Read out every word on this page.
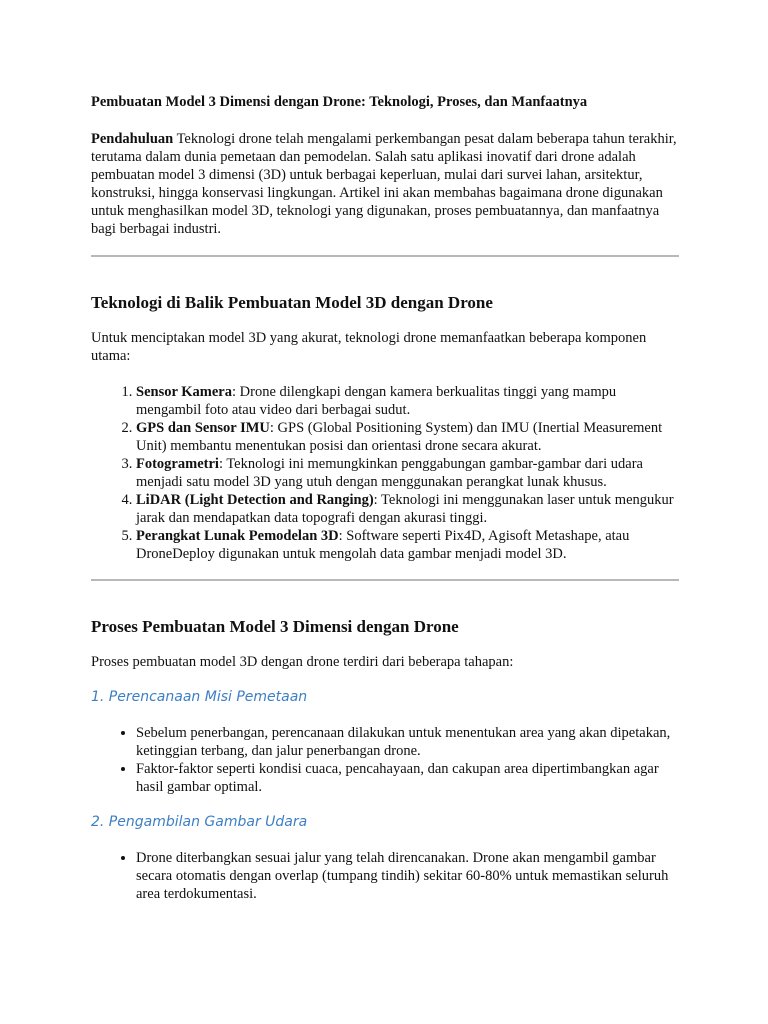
Pembuatan Model 3 Dimensi dengan Drone: Teknologi, Proses, dan Manfaatnya

Pendahuluan Teknologi drone telah mengalami perkembangan pesat dalam beberapa tahun terakhir, terutama dalam dunia pemetaan dan pemodelan. Salah satu aplikasi inovatif dari drone adalah pembuatan model 3 dimensi (3D) untuk berbagai keperluan, mulai dari survei lahan, arsitektur, konstruksi, hingga konservasi lingkungan. Artikel ini akan membahas bagaimana drone digunakan untuk menghasilkan model 3D, teknologi yang digunakan, proses pembuatannya, dan manfaatnya bagi berbagai industri.

Teknologi di Balik Pembuatan Model 3D dengan Drone

Untuk menciptakan model 3D yang akurat, teknologi drone memanfaatkan beberapa komponen utama:

1. Sensor Kamera: Drone dilengkapi dengan kamera berkualitas tinggi yang mampu mengambil foto atau video dari berbagai sudut.
2. GPS dan Sensor IMU: GPS (Global Positioning System) dan IMU (Inertial Measurement Unit) membantu menentukan posisi dan orientasi drone secara akurat.
3. Fotogrametri: Teknologi ini memungkinkan penggabungan gambar-gambar dari udara menjadi satu model 3D yang utuh dengan menggunakan perangkat lunak khusus.
4. LiDAR (Light Detection and Ranging): Teknologi ini menggunakan laser untuk mengukur jarak dan mendapatkan data topografi dengan akurasi tinggi.
5. Perangkat Lunak Pemodelan 3D: Software seperti Pix4D, Agisoft Metashape, atau DroneDeploy digunakan untuk mengolah data gambar menjadi model 3D.
Proses Pembuatan Model 3 Dimensi dengan Drone

Proses pembuatan model 3D dengan drone terdiri dari beberapa tahapan:

1. Perencanaan Misi Pemetaan
• Sebelum penerbangan, perencanaan dilakukan untuk menentukan area yang akan dipetakan, ketinggian terbang, dan jalur penerbangan drone.
• Faktor-faktor seperti kondisi cuaca, pencahayaan, dan cakupan area dipertimbangkan agar hasil gambar optimal.
2. Pengambilan Gambar Udara
• Drone diterbangkan sesuai jalur yang telah direncanakan. Drone akan mengambil gambar secara otomatis dengan overlap (tumpang tindih) sekitar 60-80% untuk memastikan seluruh area terdokumentasi.
